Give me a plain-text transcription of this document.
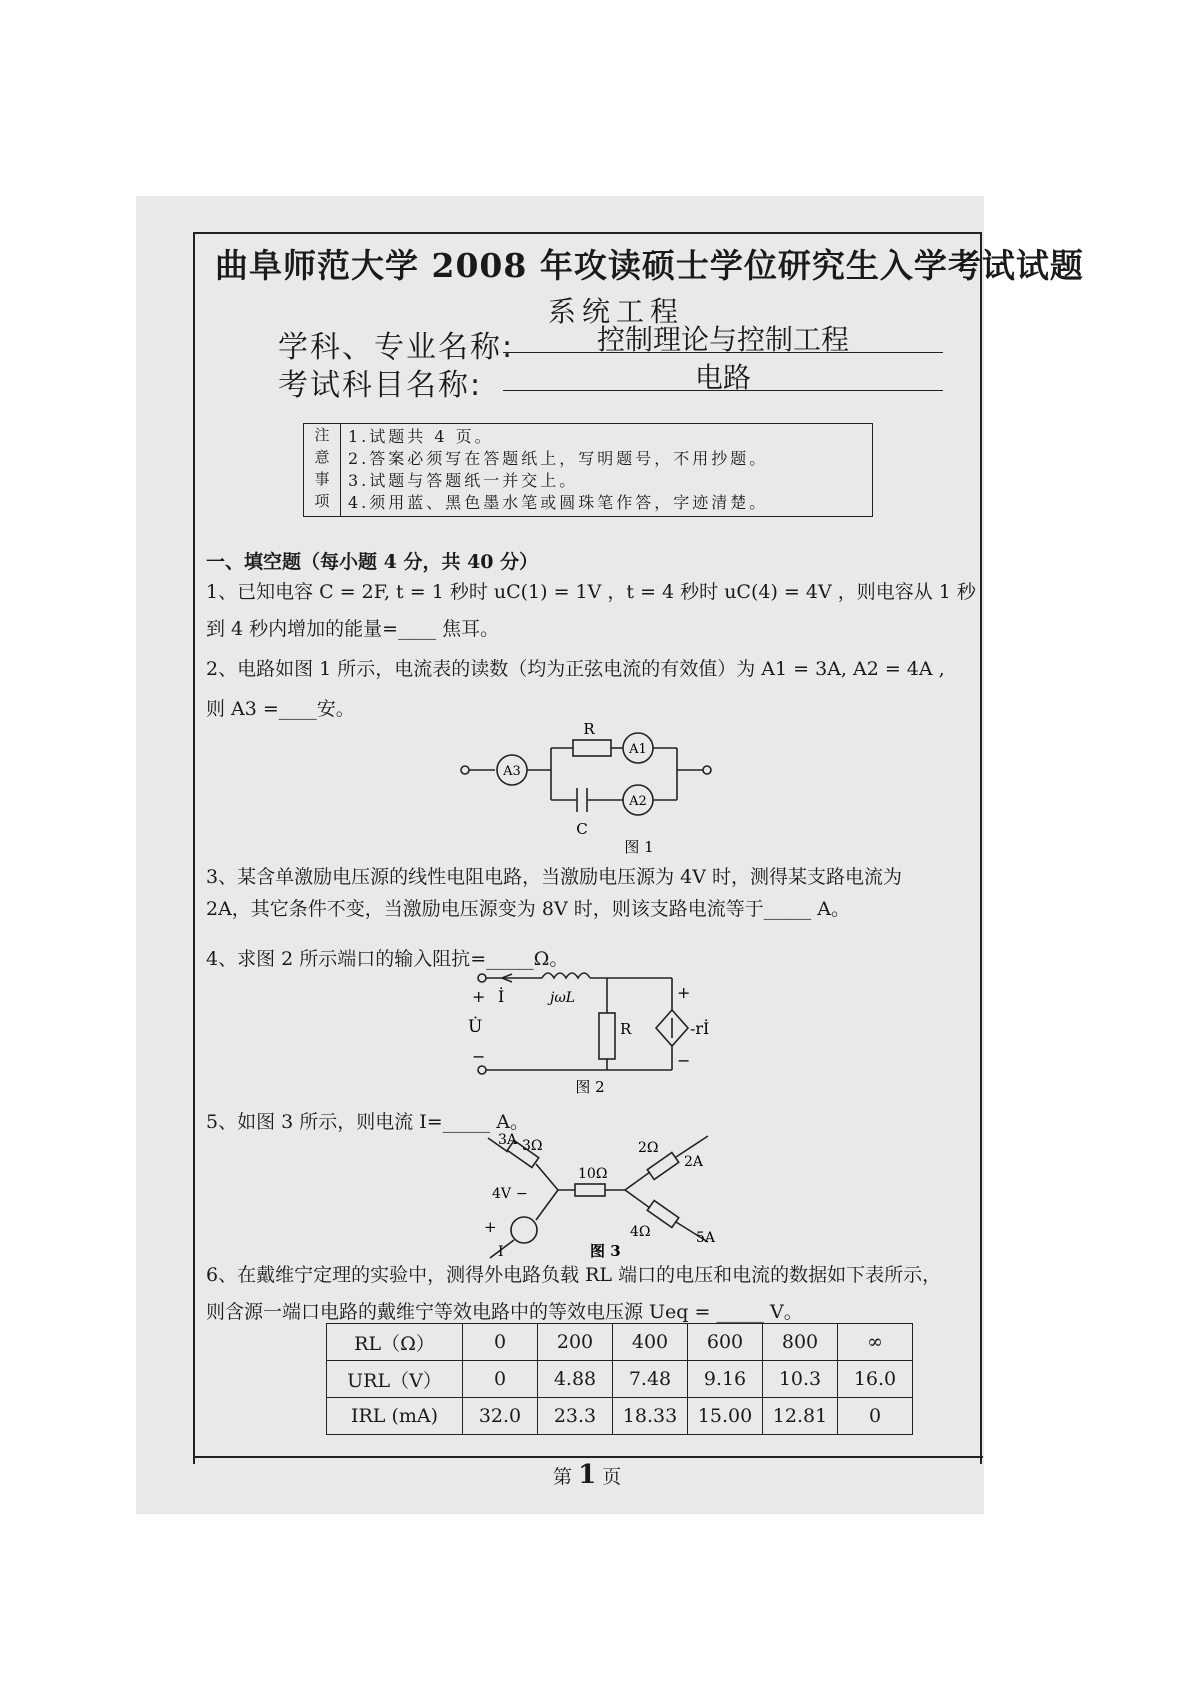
曲阜师范大学 2008 年攻读硕士学位研究生入学考试试题
系统工程
学科、专业名称:	控制理论与控制工程
考试科目名称:	电路
注
意
事
项
1.试题共 4 页。
2.答案必须写在答题纸上，写明题号，不用抄题。
3.试题与答题纸一并交上。
4.须用蓝、黑色墨水笔或圆珠笔作答，字迹清楚。
一、填空题（每小题 4 分，共 40 分）
1、已知电容 C = 2F, t = 1 秒时 uC(1) = 1V ，t = 4 秒时 uC(4) = 4V ，则电容从 1 秒
到 4 秒内增加的能量=____ 焦耳。
2、电路如图 1 所示，电流表的读数（均为正弦电流的有效值）为 A1 = 3A, A2 = 4A ,
则 A3 =____安。
A3
A1
A2
R
C
图 1
3、某含单激励电压源的线性电阻电路，当激励电压源为 4V 时，测得某支路电流为
2A，其它条件不变，当激励电压源变为 8V 时，则该支路电流等于_____ A。
4、求图 2 所示端口的输入阻抗=_____Ω。
+ İ
U̇
−
jωL
R
+
-rİ
−
图 2
5、如图 3 所示，则电流 I=_____ A。
3A 3Ω
10Ω
2Ω
2A
4Ω	5A
4V −
+
I	图 3
6、在戴维宁定理的实验中，测得外电路负载 RL 端口的电压和电流的数据如下表所示，
则含源一端口电路的戴维宁等效电路中的等效电压源 Ueq = _____ V。
RL（Ω）	0	200	400	600	800	∞
URL（V）	0	4.88	7.48	9.16	10.3	16.0
IRL (mA)	32.0	23.3	18.33	15.00	12.81	0
第 1 页
